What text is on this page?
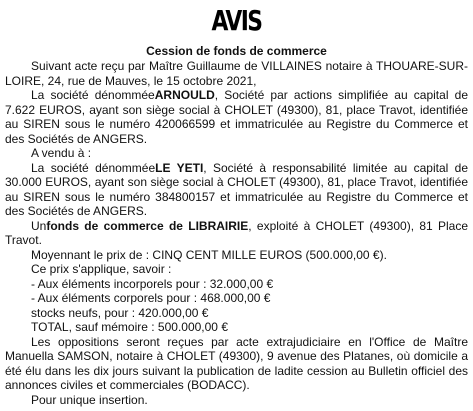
AVIS
Cession de fonds de commerce

Suivant acte reçu par Maître Guillaume de VILLAINES notaire à THOUARE-SUR-LOIRE, 24, rue de Mauves, le 15 octobre 2021,

La société dénomméeARNOULD, Société par actions simplifiée au capital de 7.622 EUROS, ayant son siège social à CHOLET (49300), 81, place Travot, identifiée au SIREN sous le numéro 420066599 et immatriculée au Registre du Commerce et des Sociétés de ANGERS.

A vendu à :

La société dénomméeLE YETI, Société à responsabilité limitée au capital de 30.000 EUROS, ayant son siège social à CHOLET (49300), 81, place Travot, identifiée au SIREN sous le numéro 384800157 et immatriculée au Registre du Commerce et des Sociétés de ANGERS.

Unfonds de commerce de LIBRAIRIE, exploité à CHOLET (49300), 81 Place Travot.

Moyennant le prix de : CINQ CENT MILLE EUROS (500.000,00 €).

Ce prix s'applique, savoir :

- Aux éléments incorporels pour : 32.000,00 €

- Aux éléments corporels pour : 468.000,00 €

stocks neufs, pour : 420.000,00 €

TOTAL, sauf mémoire : 500.000,00 €

Les oppositions seront reçues par acte extrajudiciaire en l'Office de Maître Manuella SAMSON, notaire à CHOLET (49300), 9 avenue des Platanes, où domicile a été élu dans les dix jours suivant la publication de ladite cession au Bulletin officiel des annonces civiles et commerciales (BODACC).

Pour unique insertion.
